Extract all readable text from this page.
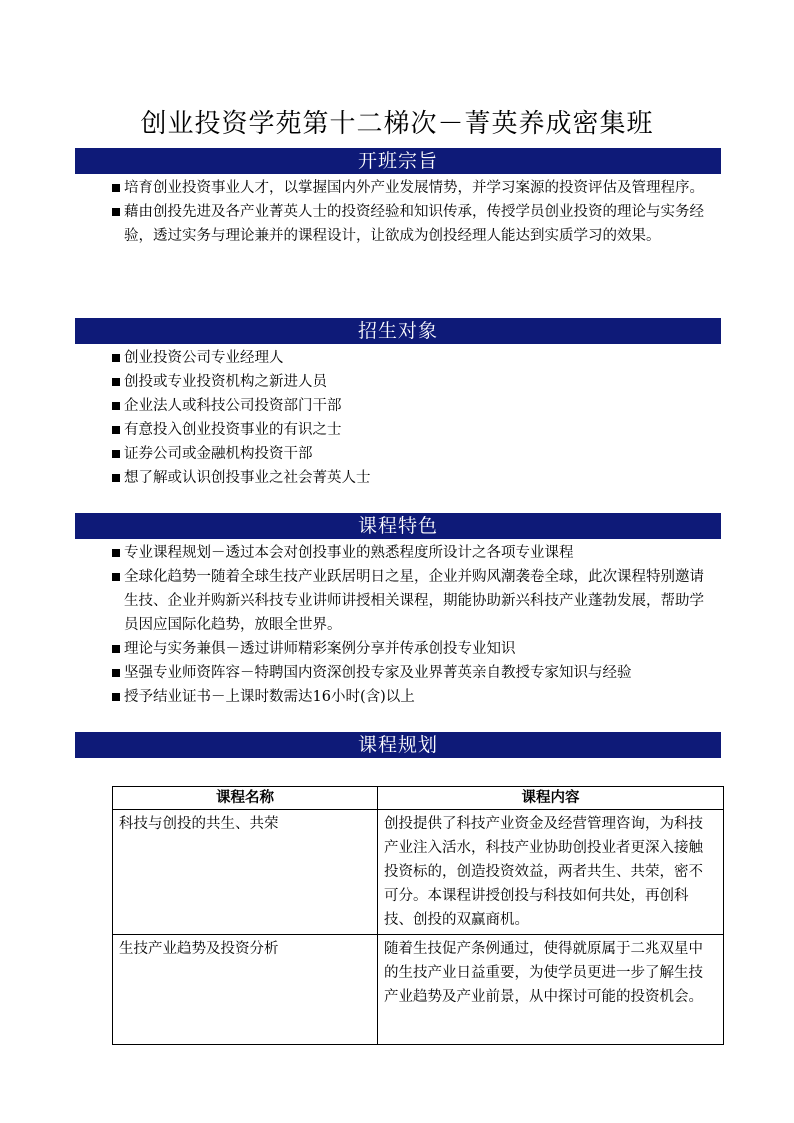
创业投资学苑第十二梯次－菁英养成密集班
开班宗旨
培育创业投资事业人才，以掌握国内外产业发展情势，并学习案源的投资评估及管理程序。
藉由创投先进及各产业菁英人士的投资经验和知识传承，传授学员创业投资的理论与实务经验，透过实务与理论兼并的课程设计，让欲成为创投经理人能达到实质学习的效果。
招生对象
创业投资公司专业经理人
创投或专业投资机构之新进人员
企业法人或科技公司投资部门干部
有意投入创业投资事业的有识之士
证券公司或金融机构投资干部
想了解或认识创投事业之社会菁英人士
课程特色
专业课程规划－透过本会对创投事业的熟悉程度所设计之各项专业课程
全球化趋势一随着全球生技产业跃居明日之星，企业并购风潮袭卷全球，此次课程特别邀请生技、企业并购新兴科技专业讲师讲授相关课程，期能协助新兴科技产业蓬勃发展，帮助学员因应国际化趋势，放眼全世界。
理论与实务兼俱－透过讲师精彩案例分享并传承创投专业知识
坚强专业师资阵容－特聘国内资深创投专家及业界菁英亲自教授专家知识与经验
授予结业证书－上课时数需达16小时(含)以上
课程规划
课程名称	课程内容
科技与创投的共生、共荣	创投提供了科技产业资金及经营管理咨询，为科技产业注入活水，科技产业协助创投业者更深入接触投资标的，创造投资效益，两者共生、共荣，密不可分。本课程讲授创投与科技如何共处，再创科技、创投的双赢商机。
生技产业趋势及投资分析	随着生技促产条例通过，使得就原属于二兆双星中的生技产业日益重要，为使学员更进一步了解生技产业趋势及产业前景，从中探讨可能的投资机会。
